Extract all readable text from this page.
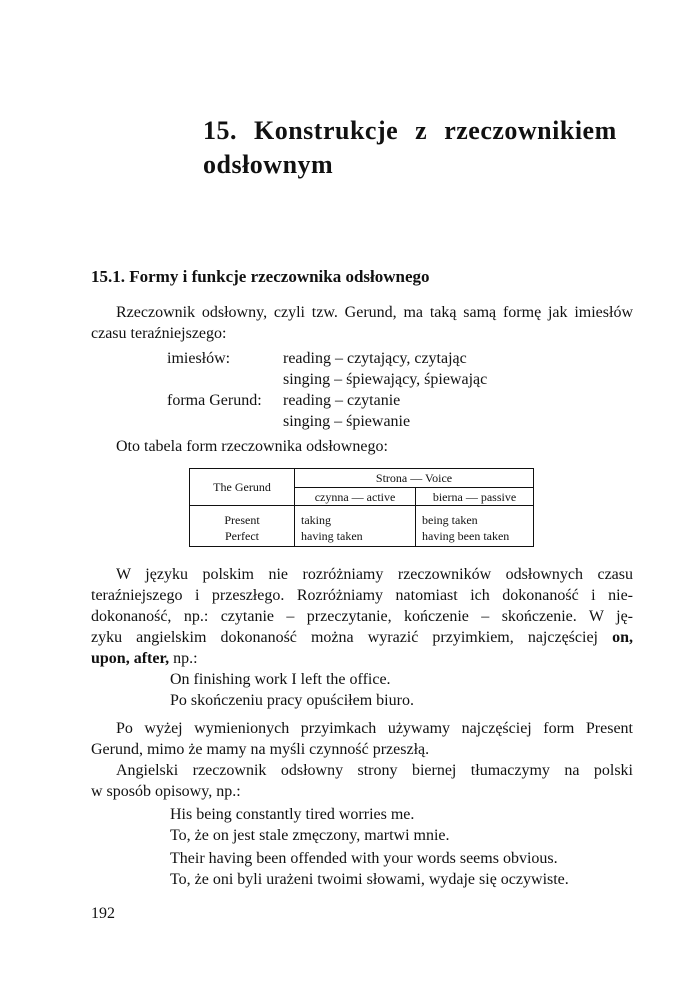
15. Konstrukcje z rzeczownikiem
odsłownym
15.1. Formy i funkcje rzeczownika odsłownego
Rzeczownik odsłowny, czyli tzw. Gerund, ma taką samą formę jak imiesłów
czasu teraźniejszego:
imiesłów:	reading – czytający, czytając
singing – śpiewający, śpiewając
forma Gerund:	reading – czytanie
singing – śpiewanie
Oto tabela form rzeczownika odsłownego:
The Gerund	Strona — Voice	
	czynna — active	bierna — passive
Present	taking	being taken
Perfect	having taken	having been taken
W języku polskim nie rozróżniamy rzeczowników odsłownych czasu
teraźniejszego i przeszłego. Rozróżniamy natomiast ich dokonaność i nie-
dokonaność, np.: czytanie – przeczytanie, kończenie – skończenie. W ję-
zyku angielskim dokonaność można wyrazić przyimkiem, najczęściej on,
upon, after, np.:
On finishing work I left the office.
Po skończeniu pracy opuściłem biuro.
Po wyżej wymienionych przyimkach używamy najczęściej form Present
Gerund, mimo że mamy na myśli czynność przeszłą.
Angielski rzeczownik odsłowny strony biernej tłumaczymy na polski
w sposób opisowy, np.:
His being constantly tired worries me.
To, że on jest stale zmęczony, martwi mnie.
Their having been offended with your words seems obvious.
To, że oni byli urażeni twoimi słowami, wydaje się oczywiste.
192
